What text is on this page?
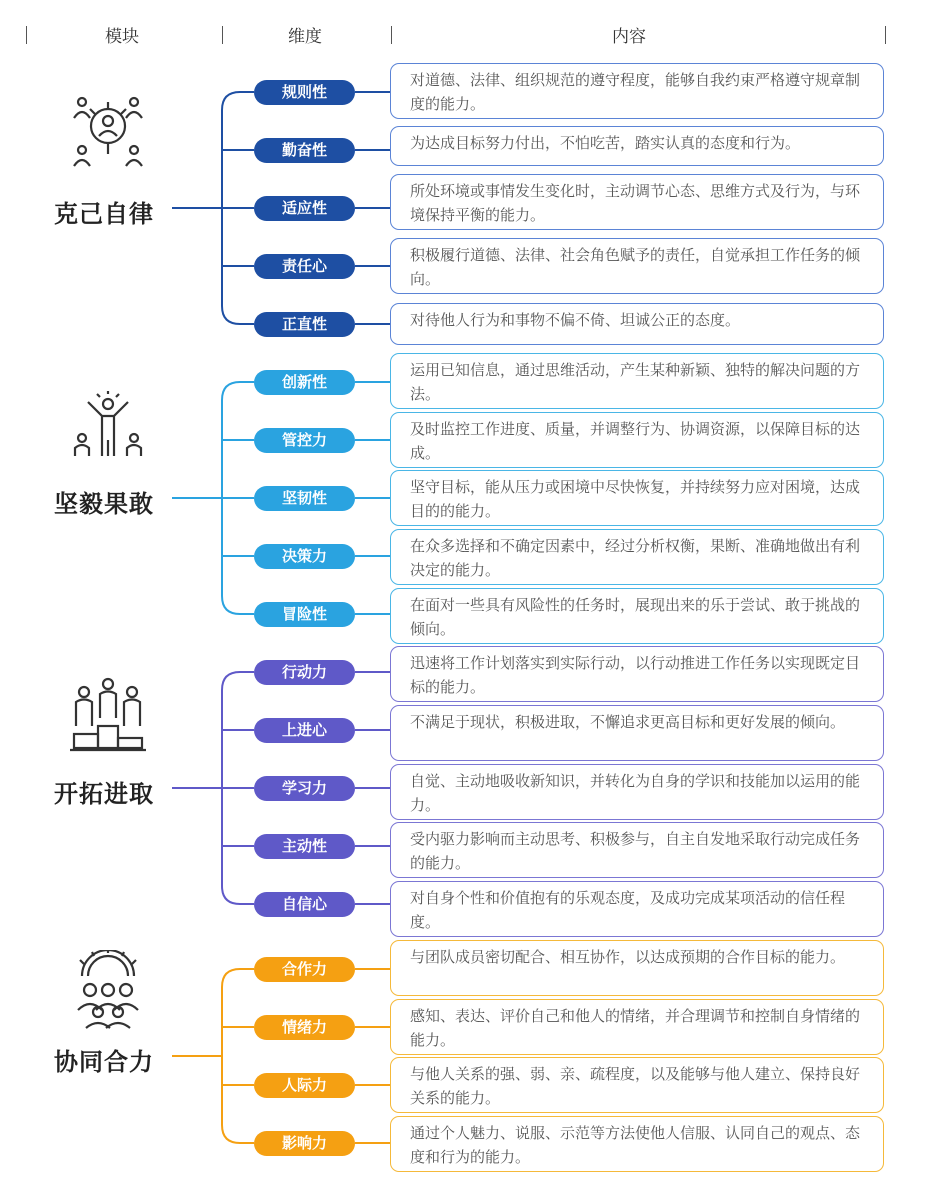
模块	维度	内容
克己自律
坚毅果敢
开拓进取
协同合力
规则性
勤奋性
适应性
责任心
正直性
对道德、法律、组织规范的遵守程度，能够自我约束严格遵守规章制度的能力。
为达成目标努力付出，不怕吃苦，踏实认真的态度和行为。
所处环境或事情发生变化时，主动调节心态、思维方式及行为，与环境保持平衡的能力。
积极履行道德、法律、社会角色赋予的责任，自觉承担工作任务的倾向。
对待他人行为和事物不偏不倚、坦诚公正的态度。
创新性
管控力
坚韧性
决策力
冒险性
运用已知信息，通过思维活动，产生某种新颖、独特的解决问题的方法。
及时监控工作进度、质量，并调整行为、协调资源，以保障目标的达成。
坚守目标，能从压力或困境中尽快恢复，并持续努力应对困境，达成目的的能力。
在众多选择和不确定因素中，经过分析权衡，果断、准确地做出有利决定的能力。
在面对一些具有风险性的任务时，展现出来的乐于尝试、敢于挑战的倾向。
行动力
上进心
学习力
主动性
自信心
迅速将工作计划落实到实际行动，以行动推进工作任务以实现既定目标的能力。
不满足于现状，积极进取，不懈追求更高目标和更好发展的倾向。
自觉、主动地吸收新知识，并转化为自身的学识和技能加以运用的能力。
受内驱力影响而主动思考、积极参与，自主自发地采取行动完成任务的能力。
对自身个性和价值抱有的乐观态度，及成功完成某项活动的信任程度。
合作力
情绪力
人际力
影响力
与团队成员密切配合、相互协作，以达成预期的合作目标的能力。
感知、表达、评价自己和他人的情绪，并合理调节和控制自身情绪的能力。
与他人关系的强、弱、亲、疏程度，以及能够与他人建立、保持良好关系的能力。
通过个人魅力、说服、示范等方法使他人信服、认同自己的观点、态度和行为的能力。
